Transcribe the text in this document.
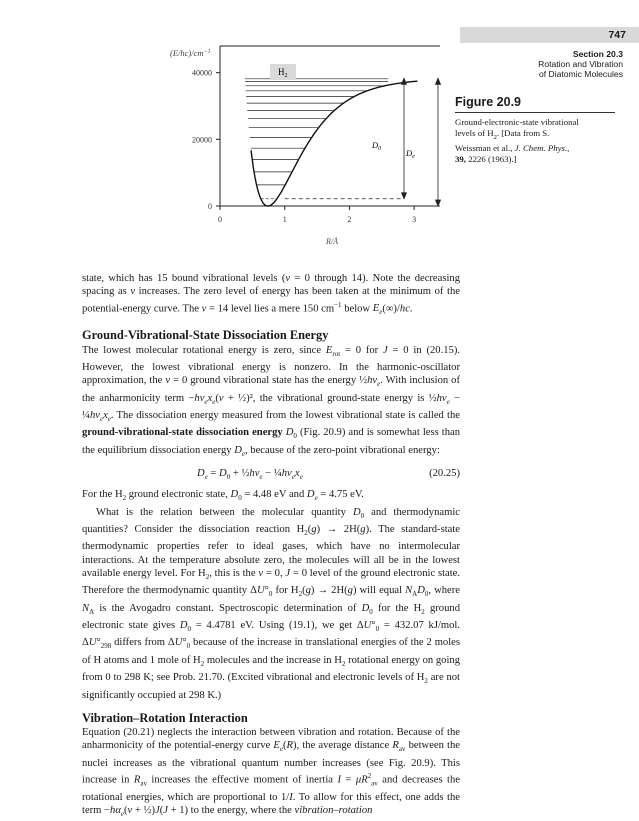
747
Section 20.3
Rotation and Vibration
of Diatomic Molecules
Figure 20.9
Ground-electronic-state vibrational
levels of $H_2$. [Data from S.
Weissman et al., J. Chem. Phys.,
39, 2226 (1963).]
0
20000
40000
0	1	2	3
$(E/hc)/cm^{-1}$
$H_2$
$D_0$	$D_e$
R/Å

state, which has 15 bound vibrational levels (v = 0 through 14). Note the decreasing spacing as v increases. The zero level of energy has been taken at the minimum of the potential-energy curve. The v = 14 level lies a mere 150 $cm^{-1}$ below $E_e(\infty)/hc$.

Ground-Vibrational-State Dissociation Energy

The lowest molecular rotational energy is zero, since $E_{rot} = 0$ for J = 0 in (20.15). However, the lowest vibrational energy is nonzero. In the harmonic-oscillator approximation, the v = 0 ground vibrational state has the energy $\frac{1}{2}h\nu_e$. With inclusion of the anharmonicity term $-h\nu_ex_e(v$ + ½)², the vibrational ground-state energy is $\frac{1}{2}h\nu_e$ − $\frac{1}{4}h\nu_ex_e$. The dissociation energy measured from the lowest vibrational state is called the ground-vibrational-state dissociation energy $D_0$ (Fig. 20.9) and is somewhat less than the equilibrium dissociation energy $D_e$, because of the zero-point vibrational energy:

$D_e = D_0$ + $\frac{1}{2}h\nu_e$ − $\frac{1}{4}h\nu_ex_e$	(20.25)

For the $H_2$ ground electronic state, $D_0 = 4.48$ eV and $D_e = 4.75$ eV.

What is the relation between the molecular quantity $D_0$ and thermodynamic quantities? Consider the dissociation reaction $H_2(g) \to 2H(g)$. The standard-state thermodynamic properties refer to ideal gases, which have no intermolecular interactions. At the temperature absolute zero, the molecules will all be in the lowest available energy level. For $H_2$, this is the v = 0, J = 0 level of the ground electronic state. Therefore the thermodynamic quantity $\Delta U^\circ_0$ for $H_2(g) \to 2H(g)$ will equal $N_AD_0$, where $N_A$ is the Avogadro constant. Spectroscopic determination of $D_0$ for the $H_2$ ground electronic state gives $D_0 = 4.4781$ eV. Using (19.1), we get $\Delta U^\circ_0 = 432.07$ kJ/mol. $\Delta U^\circ_{298}$ differs from $\Delta U^\circ_0$ because of the increase in translational energies of the 2 moles of H atoms and 1 mole of $H_2$ molecules and the increase in $H_2$ rotational energy on going from 0 to 298 K; see Prob. 21.70. (Excited vibrational and electronic levels of $H_2$ are not significantly occupied at 298 K.)

Vibration–Rotation Interaction

Equation (20.21) neglects the interaction between vibration and rotation. Because of the anharmonicity of the potential-energy curve $E_e(R)$, the average distance $R_{av}$ between the nuclei increases as the vibrational quantum number increases (see Fig. 20.9). This increase in $R_{av}$ increases the effective moment of inertia $I = \mu R^2_{av}$ and decreases the rotational energies, which are proportional to 1/I. To allow for this effect, one adds the term $-h\alpha_e(v$ + ½)J(J + 1) to the energy, where the vibration–rotation
